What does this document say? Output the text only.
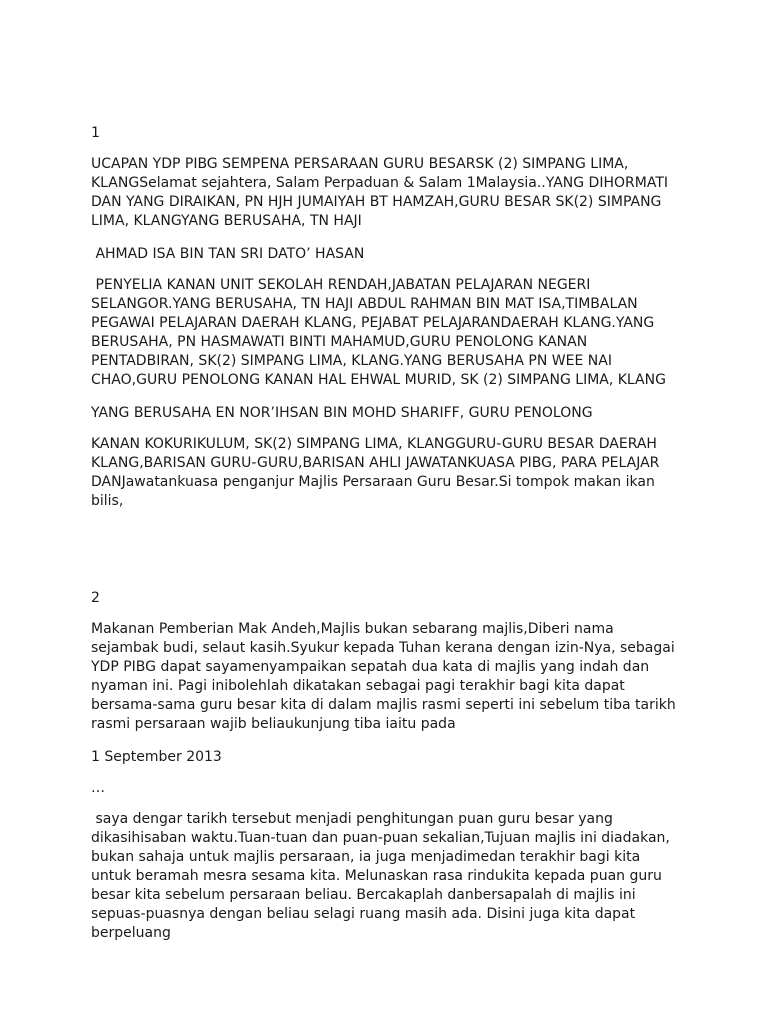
1

UCAPAN YDP PIBG SEMPENA PERSARAAN GURU BESARSK (2) SIMPANG LIMA, KLANGSelamat sejahtera, Salam Perpaduan & Salam 1Malaysia..YANG DIHORMATI DAN YANG DIRAIKAN, PN HJH JUMAIYAH BT HAMZAH,GURU BESAR SK(2) SIMPANG LIMA, KLANGYANG BERUSAHA, TN HAJI

AHMAD ISA BIN TAN SRI DATO’ HASAN

PENYELIA KANAN UNIT SEKOLAH RENDAH,JABATAN PELAJARAN NEGERI SELANGOR.YANG BERUSAHA, TN HAJI ABDUL RAHMAN BIN MAT ISA,TIMBALAN PEGAWAI PELAJARAN DAERAH KLANG, PEJABAT PELAJARANDAERAH KLANG.YANG BERUSAHA, PN HASMAWATI BINTI MAHAMUD,GURU PENOLONG KANAN PENTADBIRAN, SK(2) SIMPANG LIMA, KLANG.YANG BERUSAHA PN WEE NAI CHAO,GURU PENOLONG KANAN HAL EHWAL MURID, SK (2) SIMPANG LIMA, KLANG

YANG BERUSAHA EN NOR’IHSAN BIN MOHD SHARIFF, GURU PENOLONG

KANAN KOKURIKULUM, SK(2) SIMPANG LIMA, KLANGGURU-GURU BESAR DAERAH KLANG,BARISAN GURU-GURU,BARISAN AHLI JAWATANKUASA PIBG, PARA PELAJAR DANJawatankuasa penganjur Majlis Persaraan Guru Besar.Si tompok makan ikan bilis,

2

Makanan Pemberian Mak Andeh,Majlis bukan sebarang majlis,Diberi nama sejambak budi, selaut kasih.Syukur kepada Tuhan kerana dengan izin-Nya, sebagai YDP PIBG dapat sayamenyampaikan sepatah dua kata di majlis yang indah dan nyaman ini. Pagi inibolehlah dikatakan sebagai pagi terakhir bagi kita dapat bersama-sama guru besar kita di dalam majlis rasmi seperti ini sebelum tiba tarikh rasmi persaraan wajib beliaukunjung tiba iaitu pada

1 September 2013

…

saya dengar tarikh tersebut menjadi penghitungan puan guru besar yang dikasihisaban waktu.Tuan-tuan dan puan-puan sekalian,Tujuan majlis ini diadakan, bukan sahaja untuk majlis persaraan, ia juga menjadimedan terakhir bagi kita untuk beramah mesra sesama kita. Melunaskan rasa rindukita kepada puan guru besar kita sebelum persaraan beliau. Bercakaplah danbersapalah di majlis ini sepuas-puasnya dengan beliau selagi ruang masih ada. Disini juga kita dapat berpeluang
